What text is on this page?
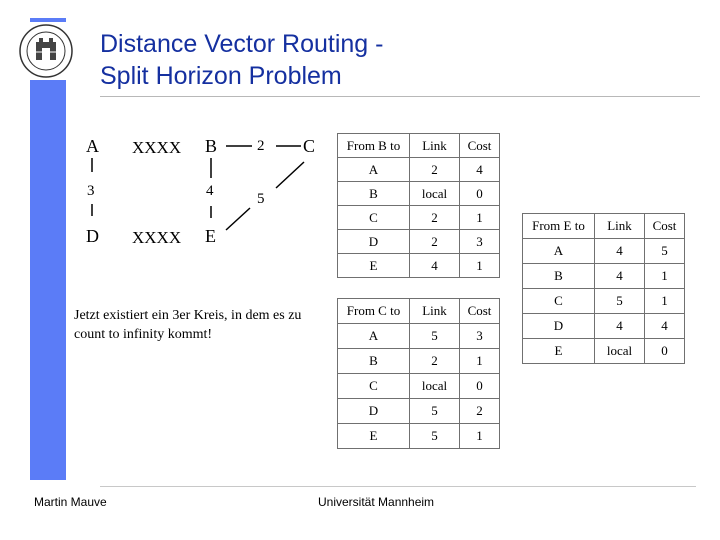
Distance Vector Routing -
Split Horizon Problem
A	B	C
D	E
XXXX
XXXX
3	4
2
5
Jetzt existiert ein 3er Kreis, in dem es zu count to infinity kommt!
From B to	Link	Cost
A	2	4
B	local	0
C	2	1
D	2	3
E	4	1
From C to	Link	Cost
A	5	3
B	2	1
C	local	0
D	5	2
E	5	1
From E to	Link	Cost
A	4	5
B	4	1
C	5	1
D	4	4
E	local	0
Martin Mauve	Universität Mannheim
